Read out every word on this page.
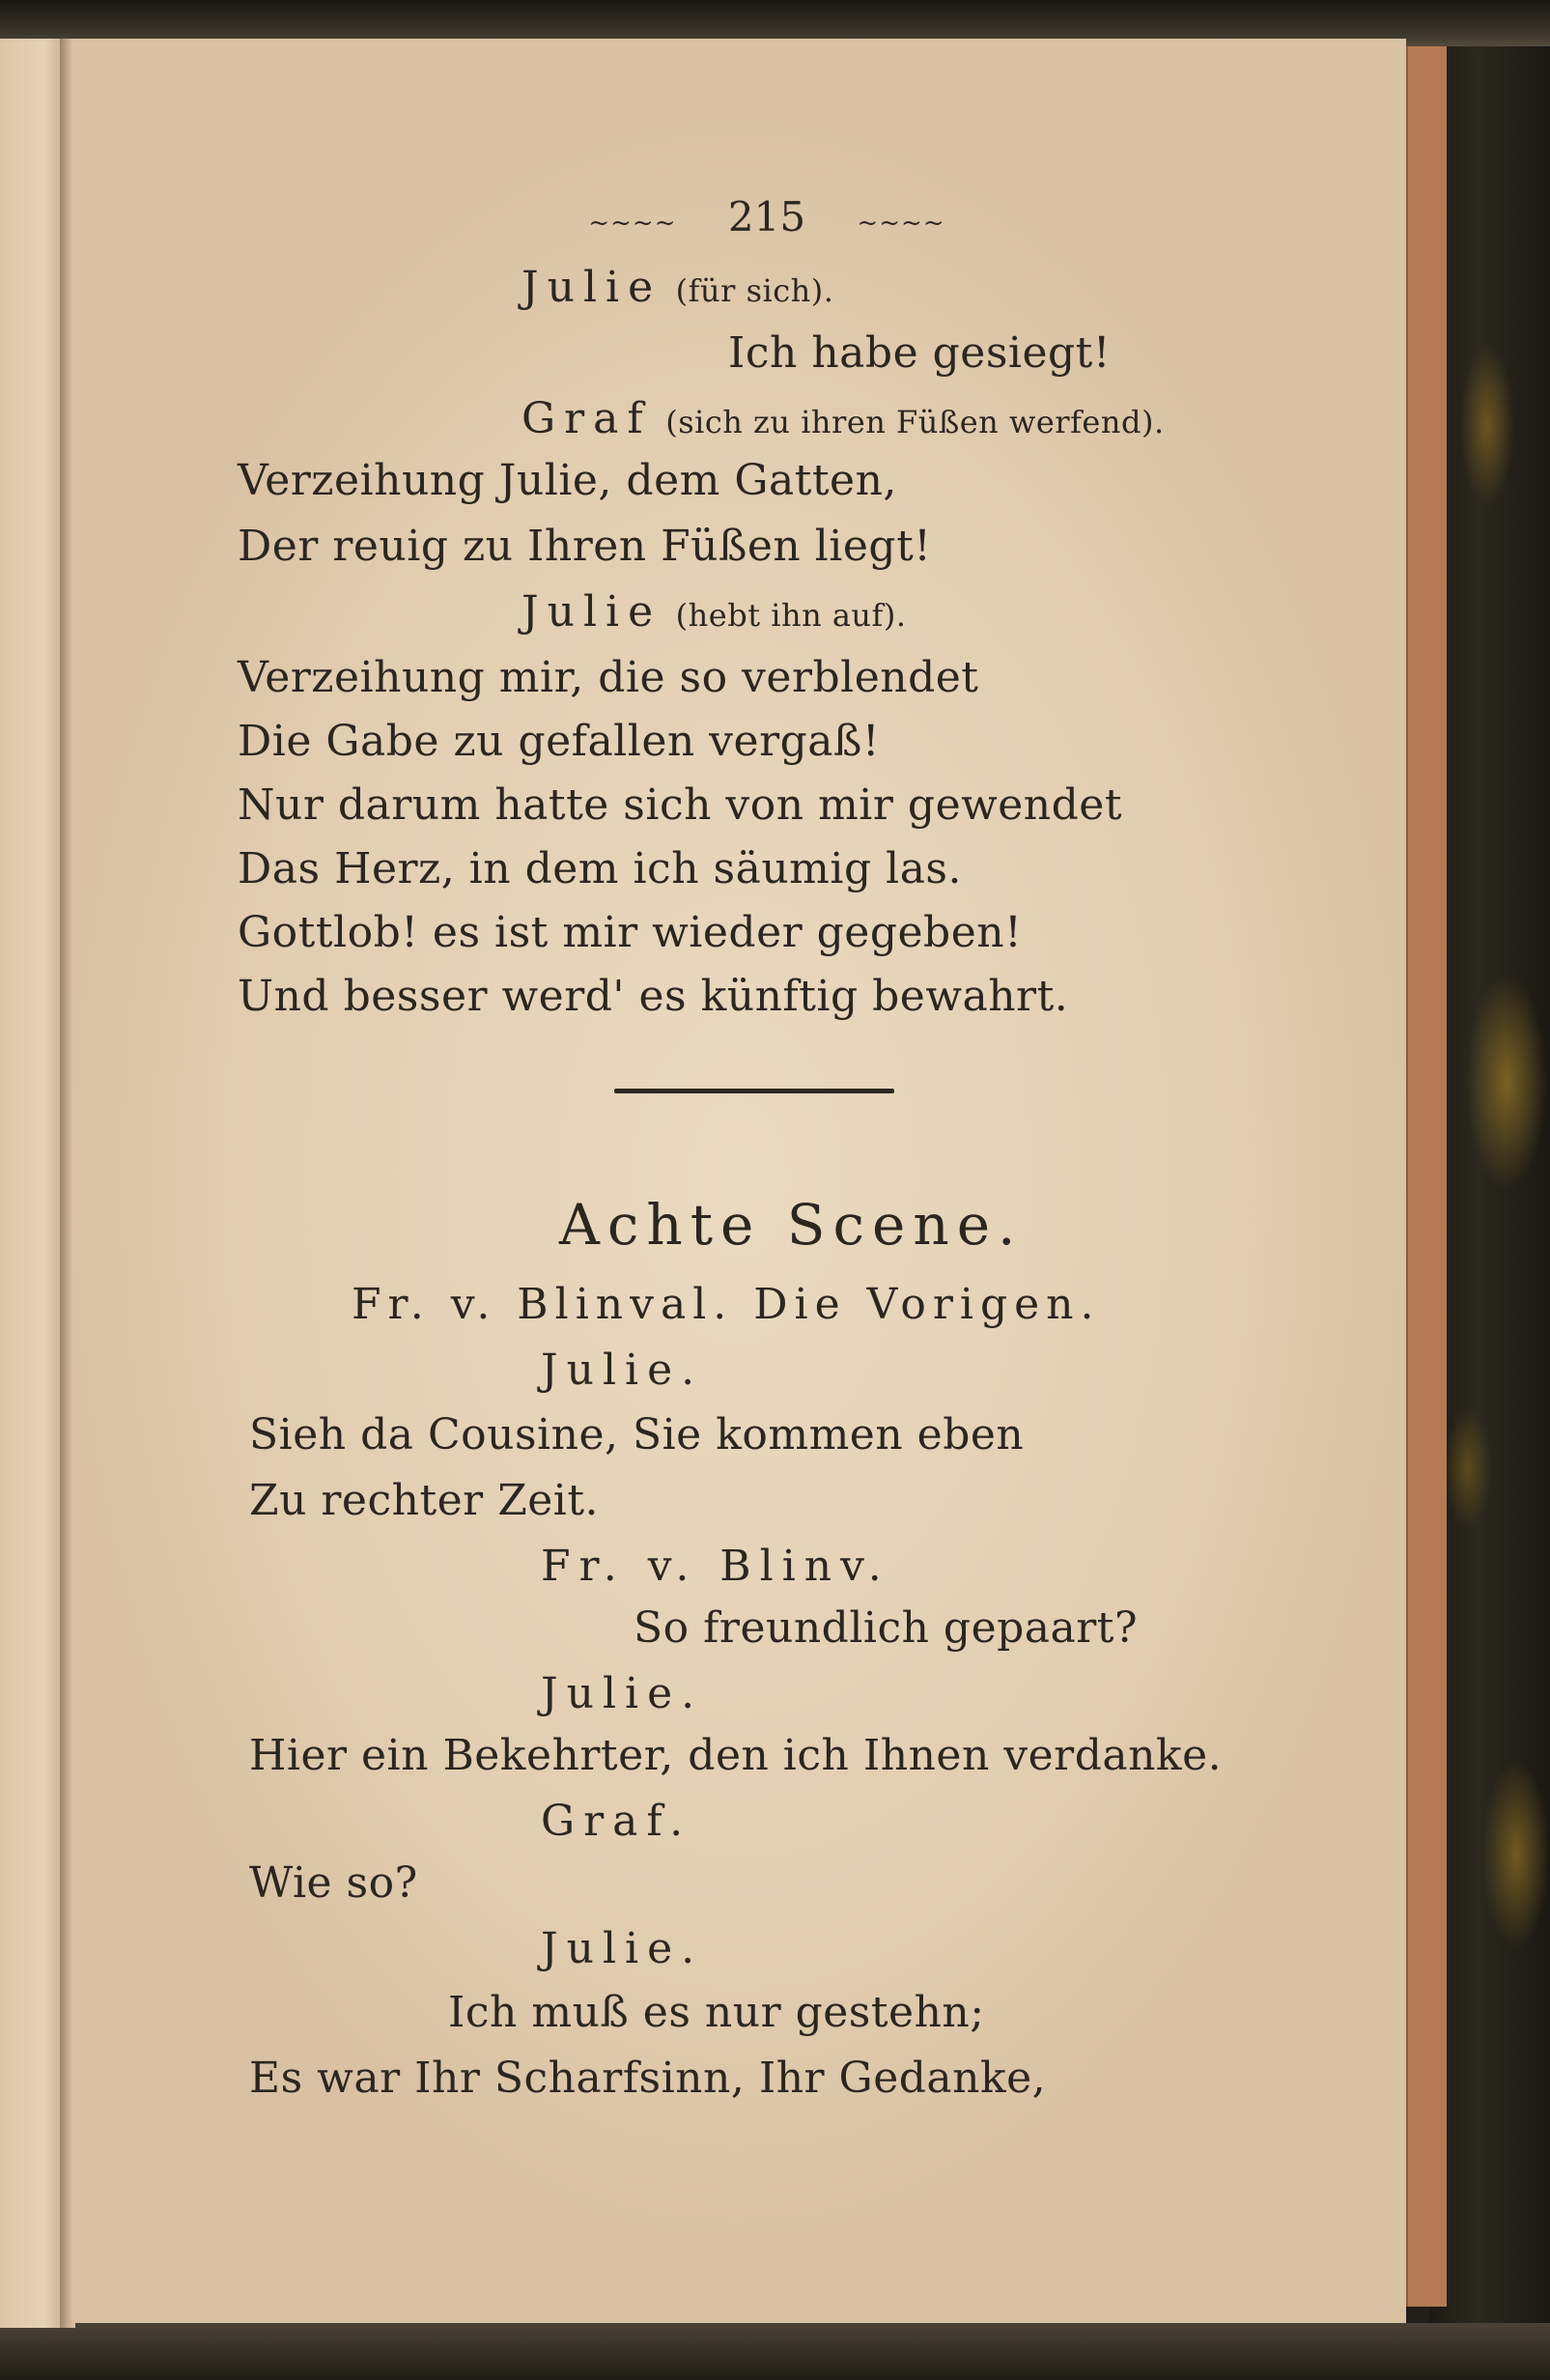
~~~~ 215 ~~~~
Julie (für sich).
Ich habe gesiegt!
Graf (sich zu ihren Füßen werfend).
Verzeihung Julie, dem Gatten,
Der reuig zu Ihren Füßen liegt!
Julie (hebt ihn auf).
Verzeihung mir, die so verblendet
Die Gabe zu gefallen vergaß!
Nur darum hatte sich von mir gewendet
Das Herz, in dem ich säumig las.
Gottlob! es ist mir wieder gegeben!
Und besser werd' es künftig bewahrt.
Achte Scene.
Fr. v. Blinval. Die Vorigen.
Julie.
Sieh da Cousine, Sie kommen eben
Zu rechter Zeit.
Fr. v. Blinv.
So freundlich gepaart?
Julie.
Hier ein Bekehrter, den ich Ihnen verdanke.
Graf.
Wie so?
Julie.
Ich muß es nur gestehn;
Es war Ihr Scharfsinn, Ihr Gedanke,
